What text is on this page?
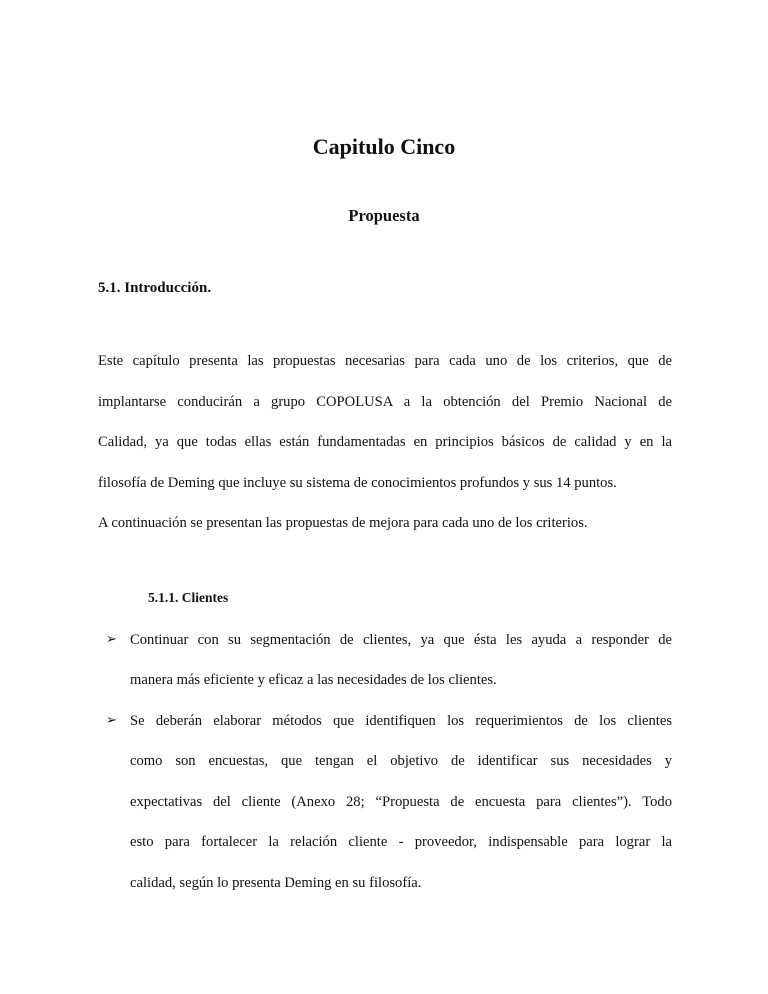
Capitulo Cinco
Propuesta
5.1. Introducción.
Este capítulo presenta las propuestas necesarias para cada uno de los criterios, que de
implantarse conducirán a grupo COPOLUSA a la obtención del Premio Nacional de
Calidad, ya que todas ellas están fundamentadas en principios básicos de calidad y en la
filosofía de Deming que incluye su sistema de conocimientos profundos y sus 14 puntos.
A continuación se presentan las propuestas de mejora para cada uno de los criterios.
5.1.1. Clientes
➢ Continuar con su segmentación de clientes, ya que ésta les ayuda a responder de
manera más eficiente y eficaz a las necesidades de los clientes.
➢ Se deberán elaborar métodos que identifiquen los requerimientos de los clientes
como son encuestas, que tengan el objetivo de identificar sus necesidades y
expectativas del cliente (Anexo 28; “Propuesta de encuesta para clientes”). Todo
esto para fortalecer la relación cliente - proveedor, indispensable para lograr la
calidad, según lo presenta Deming en su filosofía.
